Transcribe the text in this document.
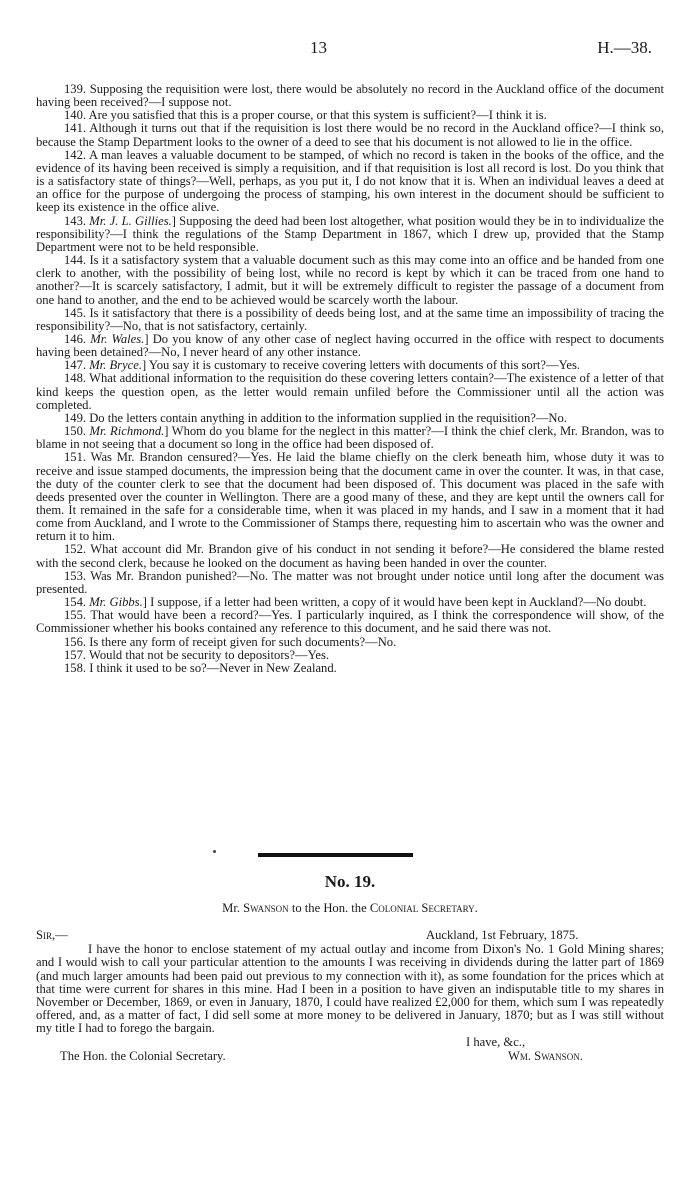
13	H.—38.

139. Supposing the requisition were lost, there would be absolutely no record in the Auckland office of the document having been received?—I suppose not.

140. Are you satisfied that this is a proper course, or that this system is sufficient?—I think it is.

141. Although it turns out that if the requisition is lost there would be no record in the Auckland office?—I think so, because the Stamp Department looks to the owner of a deed to see that his document is not allowed to lie in the office.

142. A man leaves a valuable document to be stamped, of which no record is taken in the books of the office, and the evidence of its having been received is simply a requisition, and if that requisition is lost all record is lost. Do you think that is a satisfactory state of things?—Well, perhaps, as you put it, I do not know that it is. When an individual leaves a deed at an office for the purpose of undergoing the process of stamping, his own interest in the document should be sufficient to keep its existence in the office alive.

143. Mr. J. L. Gillies.] Supposing the deed had been lost altogether, what position would they be in to individualize the responsibility?—I think the regulations of the Stamp Department in 1867, which I drew up, provided that the Stamp Department were not to be held responsible.

144. Is it a satisfactory system that a valuable document such as this may come into an office and be handed from one clerk to another, with the possibility of being lost, while no record is kept by which it can be traced from one hand to another?—It is scarcely satisfactory, I admit, but it will be extremely difficult to register the passage of a document from one hand to another, and the end to be achieved would be scarcely worth the labour.

145. Is it satisfactory that there is a possibility of deeds being lost, and at the same time an impossibility of tracing the responsibility?—No, that is not satisfactory, certainly.

146. Mr. Wales.] Do you know of any other case of neglect having occurred in the office with respect to documents having been detained?—No, I never heard of any other instance.

147. Mr. Bryce.] You say it is customary to receive covering letters with documents of this sort?—Yes.

148. What additional information to the requisition do these covering letters contain?—The existence of a letter of that kind keeps the question open, as the letter would remain unfiled before the Commissioner until all the action was completed.

149. Do the letters contain anything in addition to the information supplied in the requisition?—No.

150. Mr. Richmond.] Whom do you blame for the neglect in this matter?—I think the chief clerk, Mr. Brandon, was to blame in not seeing that a document so long in the office had been disposed of.

151. Was Mr. Brandon censured?—Yes. He laid the blame chiefly on the clerk beneath him, whose duty it was to receive and issue stamped documents, the impression being that the document came in over the counter. It was, in that case, the duty of the counter clerk to see that the document had been disposed of. This document was placed in the safe with deeds presented over the counter in Wellington. There are a good many of these, and they are kept until the owners call for them. It remained in the safe for a considerable time, when it was placed in my hands, and I saw in a moment that it had come from Auckland, and I wrote to the Commissioner of Stamps there, requesting him to ascertain who was the owner and return it to him.

152. What account did Mr. Brandon give of his conduct in not sending it before?—He considered the blame rested with the second clerk, because he looked on the document as having been handed in over the counter.

153. Was Mr. Brandon punished?—No. The matter was not brought under notice until long after the document was presented.

154. Mr. Gibbs.] I suppose, if a letter had been written, a copy of it would have been kept in Auckland?—No doubt.

155. That would have been a record?—Yes. I particularly inquired, as I think the correspondence will show, of the Commissioner whether his books contained any reference to this document, and he said there was not.

156. Is there any form of receipt given for such documents?—No.

157. Would that not be security to depositors?—Yes.

158. I think it used to be so?—Never in New Zealand.

No. 19.
Mr. Swanson to the Hon. the Colonial Secretary.
Sir,—	Auckland, 1st February, 1875.

I have the honor to enclose statement of my actual outlay and income from Dixon's No. 1 Gold Mining shares; and I would wish to call your particular attention to the amounts I was receiving in dividends during the latter part of 1869 (and much larger amounts had been paid out previous to my connection with it), as some foundation for the prices which at that time were current for shares in this mine. Had I been in a position to have given an indisputable title to my shares in November or December, 1869, or even in January, 1870, I could have realized £2,000 for them, which sum I was repeatedly offered, and, as a matter of fact, I did sell some at more money to be delivered in January, 1870; but as I was still without my title I had to forego the bargain.

I have, &c.,
The Hon. the Colonial Secretary.	Wm. Swanson.
